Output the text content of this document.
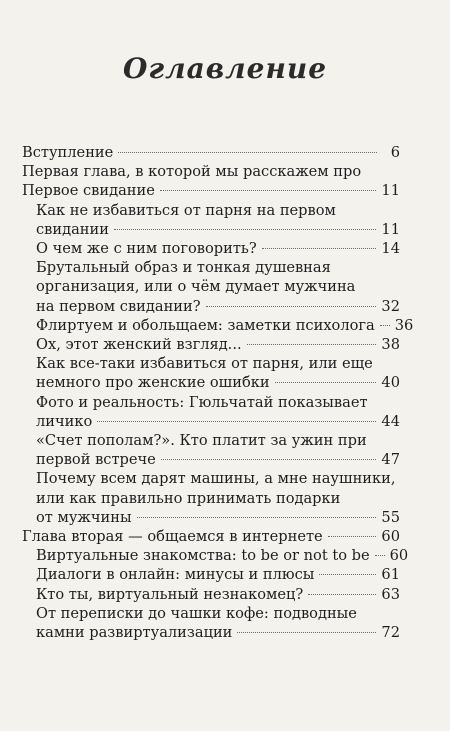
Оглавление
Вступление	6
Первая глава, в которой мы расскажем про
Первое свидание	11
Как не избавиться от парня на первом
свидании	11
О чем же с ним поговорить?	14
Брутальный образ и тонкая душевная
организация, или о чём думает мужчина
на первом свидании?	32
Флиртуем и обольщаем: заметки психолога 36
Ох, этот женский взгляд...	38
Как все-таки избавиться от парня, или еще
немного про женские ошибки	40
Фото и реальность: Гюльчатай показывает
личико	44
«Счет пополам?». Кто платит за ужин при
первой встрече	47
Почему всем дарят машины, а мне наушники,
или как правильно принимать подарки
от мужчины	55
Глава вторая — общаемся в интернете	60
Виртуальные знакомства: to be or not to be 60
Диалоги в онлайн: минусы и плюсы	61
Кто ты, виртуальный незнакомец?	63
От переписки до чашки кофе: подводные
камни развиртуализации	72
